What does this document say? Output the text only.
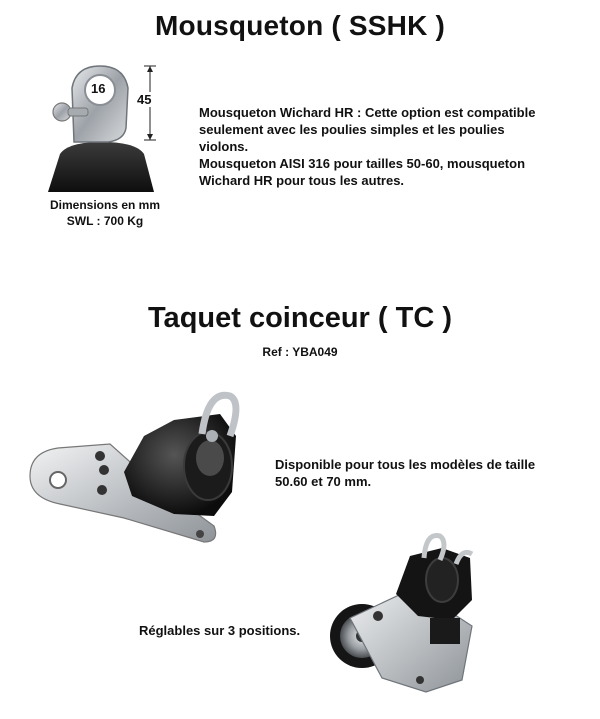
Mousqueton ( SSHK )
16
45
Dimensions en mm
SWL : 700 Kg
Mousqueton Wichard HR : Cette option est compatible
seulement avec les poulies simples et les poulies
violons.
Mousqueton AISI 316 pour tailles 50-60, mousqueton
Wichard HR pour tous les autres.
Taquet coinceur ( TC )
Ref : YBA049
Disponible pour tous les modèles de taille
50.60 et 70 mm.
Réglables sur 3 positions.
